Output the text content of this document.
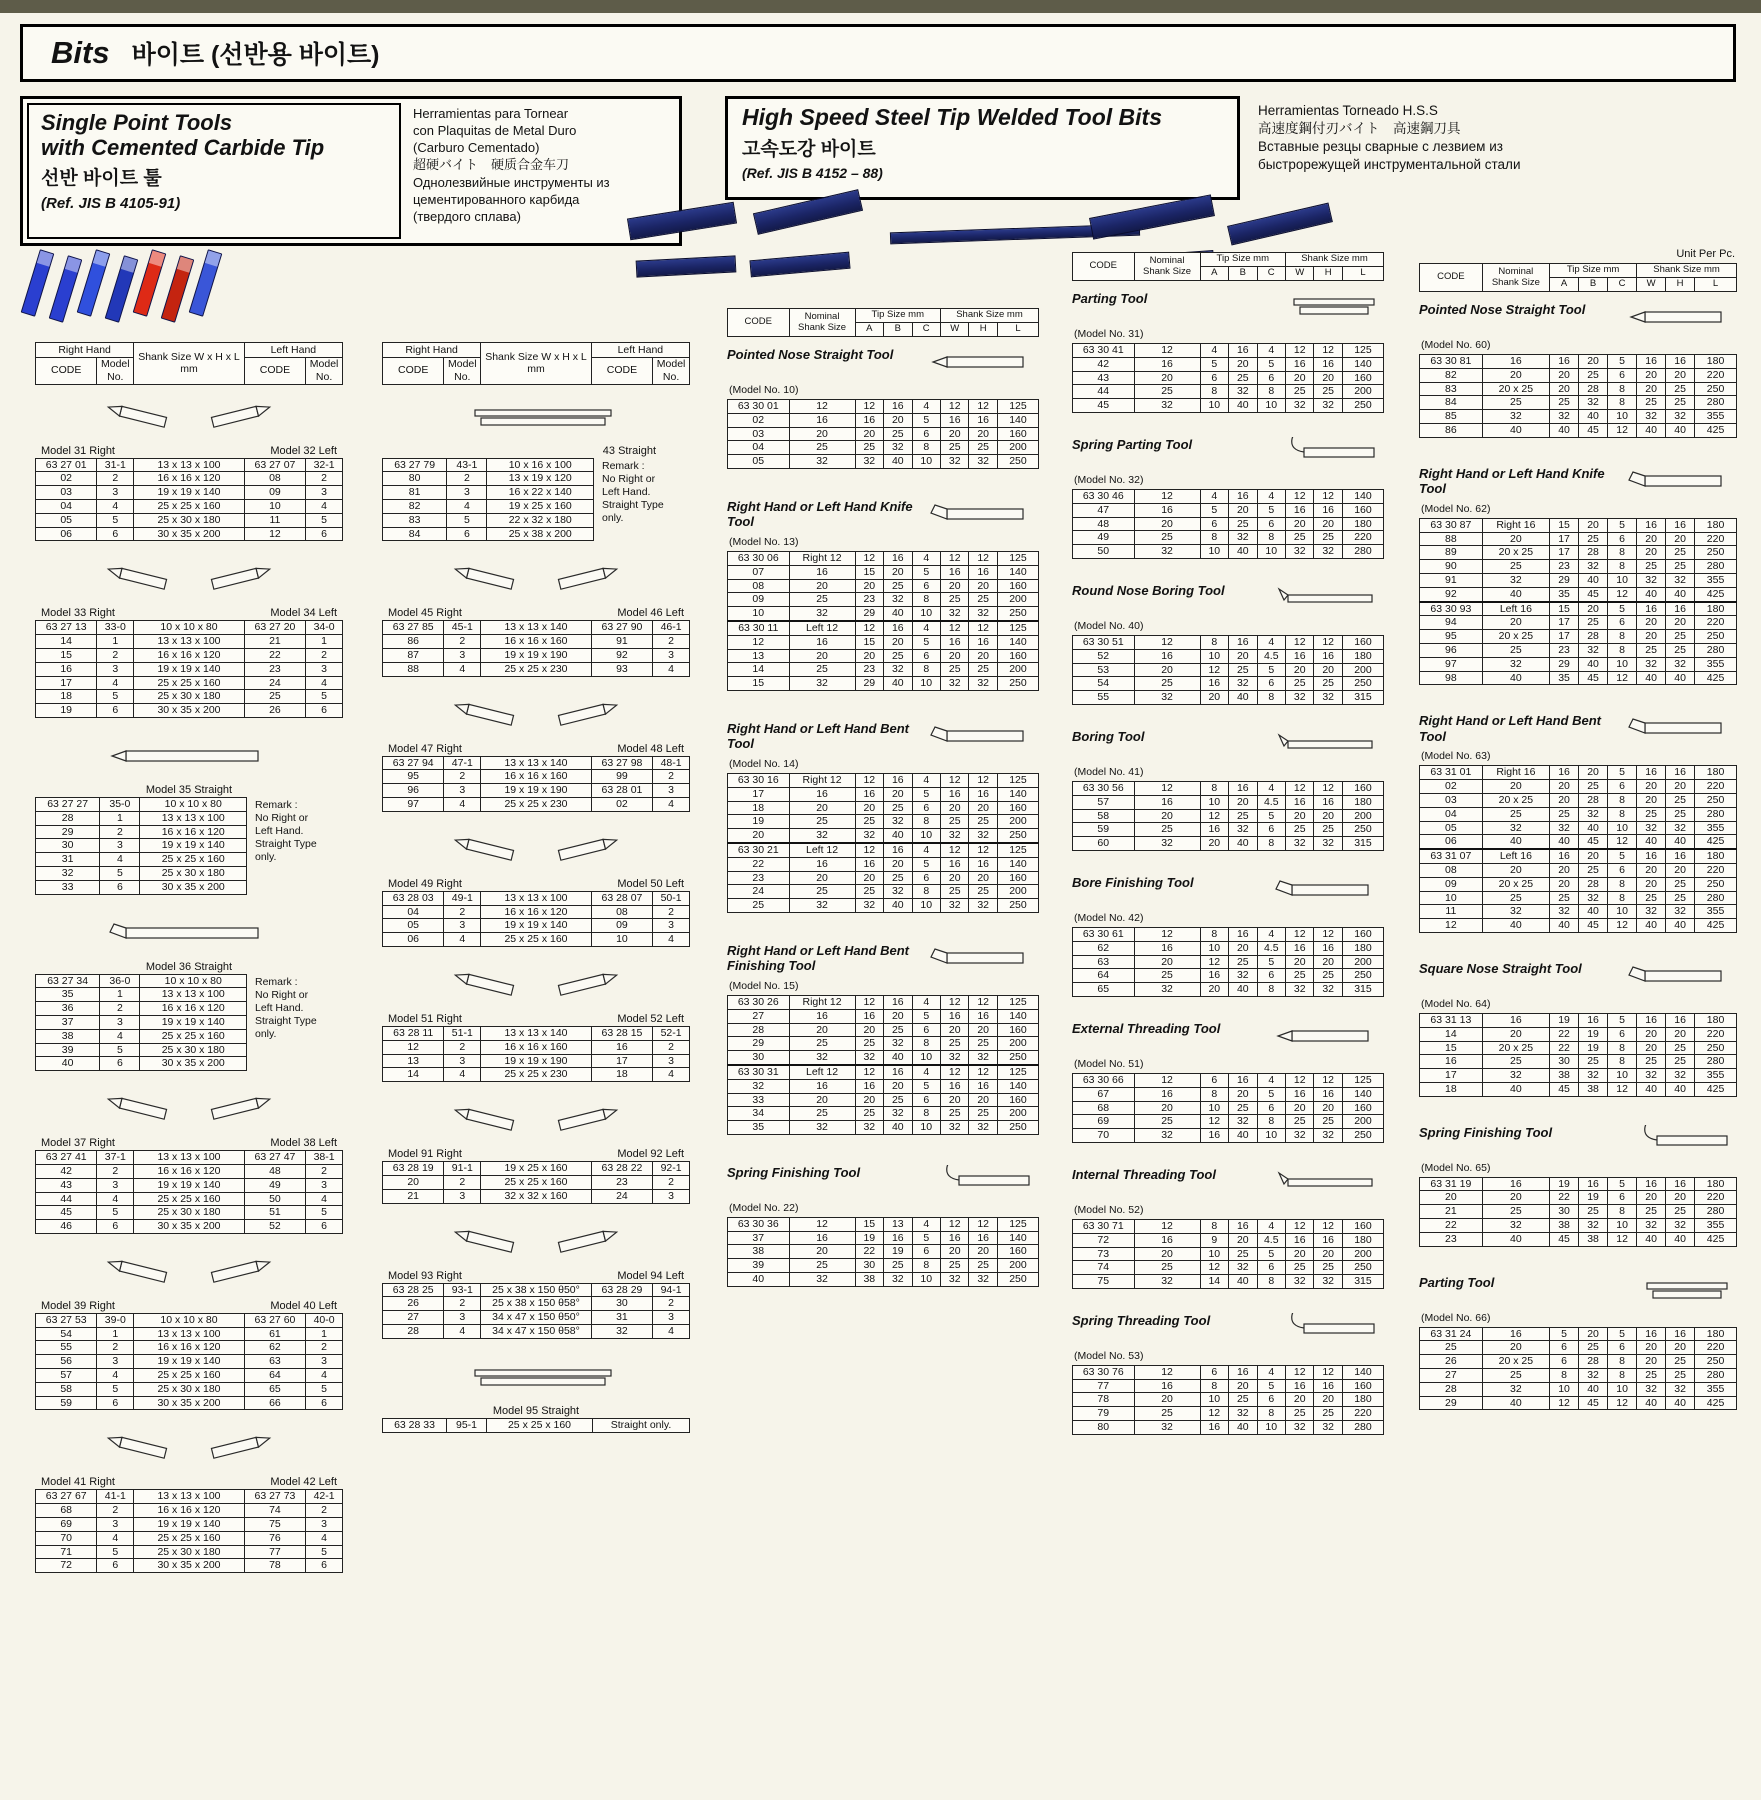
Bits 바이트 (선반용 바이트)
Single Point Tools
with Cemented Carbide Tip
선반 바이트 툴
(Ref. JIS B 4105-91)
Herramientas para Tornear
con Plaquitas de Metal Duro
(Carburo Cementado)
超硬バイト　硬质合金车刀
Однолезвийные инструменты из
цементированного карбида
(твердого сплава)
High Speed Steel Tip Welded Tool Bits
고속도강 바이트
(Ref. JIS B 4152 – 88)
Herramientas Torneado H.S.S
高速度鋼付刃バイト　高速鋼刀具
Вставные резцы сварные с лезвием из
быстрорежущей инструментальной стали
Right Hand		Shank Size W x H x L mm	Left Hand	
CODE	Model No.		CODE	Model No.
Model 31 Right	Model 32 Left
63 27 01	31-1	13 x 13 x 100	63 27 07	32-1
02	2	16 x 16 x 120	08	2
03	3	19 x 19 x 140	09	3
04	4	25 x 25 x 160	10	4
05	5	25 x 30 x 180	11	5
06	6	30 x 35 x 200	12	6
Model 33 Right	Model 34 Left
63 27 13	33-0	10 x 10 x 80	63 27 20	34-0
14	1	13 x 13 x 100	21	1
15	2	16 x 16 x 120	22	2
16	3	19 x 19 x 140	23	3
17	4	25 x 25 x 160	24	4
18	5	25 x 30 x 180	25	5
19	6	30 x 35 x 200	26	6
Model 35 Straight
63 27 27	35-0	10 x 10 x 80
28	1	13 x 13 x 100
29	2	16 x 16 x 120
30	3	19 x 19 x 140
31	4	25 x 25 x 160
32	5	25 x 30 x 180
33	6	30 x 35 x 200
Remark :
No Right or
Left Hand.
Straight Type
only.
Model 36 Straight
63 27 34	36-0	10 x 10 x 80
35	1	13 x 13 x 100
36	2	16 x 16 x 120
37	3	19 x 19 x 140
38	4	25 x 25 x 160
39	5	25 x 30 x 180
40	6	30 x 35 x 200
Remark :
No Right or
Left Hand.
Straight Type
only.
Model 37 Right	Model 38 Left
63 27 41	37-1	13 x 13 x 100	63 27 47	38-1
42	2	16 x 16 x 120	48	2
43	3	19 x 19 x 140	49	3
44	4	25 x 25 x 160	50	4
45	5	25 x 30 x 180	51	5
46	6	30 x 35 x 200	52	6
Model 39 Right	Model 40 Left
63 27 53	39-0	10 x 10 x 80	63 27 60	40-0
54	1	13 x 13 x 100	61	1
55	2	16 x 16 x 120	62	2
56	3	19 x 19 x 140	63	3
57	4	25 x 25 x 160	64	4
58	5	25 x 30 x 180	65	5
59	6	30 x 35 x 200	66	6
Model 41 Right	Model 42 Left
63 27 67	41-1	13 x 13 x 100	63 27 73	42-1
68	2	16 x 16 x 120	74	2
69	3	19 x 19 x 140	75	3
70	4	25 x 25 x 160	76	4
71	5	25 x 30 x 180	77	5
72	6	30 x 35 x 200	78	6
Right Hand		Shank Size W x H x L mm	Left Hand	
CODE	Model No.		CODE	Model No.
43 Straight
63 27 79	43-1	10 x 16 x 100
80	2	13 x 19 x 120
81	3	16 x 22 x 140
82	4	19 x 25 x 160
83	5	22 x 32 x 180
84	6	25 x 38 x 200
Remark :
No Right or
Left Hand.
Straight Type
only.
Model 45 Right	Model 46 Left
63 27 85	45-1	13 x 13 x 140	63 27 90	46-1
86	2	16 x 16 x 160	91	2
87	3	19 x 19 x 190	92	3
88	4	25 x 25 x 230	93	4
Model 47 Right	Model 48 Left
63 27 94	47-1	13 x 13 x 140	63 27 98	48-1
95	2	16 x 16 x 160	99	2
96	3	19 x 19 x 190	63 28 01	3
97	4	25 x 25 x 230	02	4
Model 49 Right	Model 50 Left
63 28 03	49-1	13 x 13 x 100	63 28 07	50-1
04	2	16 x 16 x 120	08	2
05	3	19 x 19 x 140	09	3
06	4	25 x 25 x 160	10	4
Model 51 Right	Model 52 Left
63 28 11	51-1	13 x 13 x 140	63 28 15	52-1
12	2	16 x 16 x 160	16	2
13	3	19 x 19 x 190	17	3
14	4	25 x 25 x 230	18	4
Model 91 Right	Model 92 Left
63 28 19	91-1	19 x 25 x 160	63 28 22	92-1
20	2	25 x 25 x 160	23	2
21	3	32 x 32 x 160	24	3
Model 93 Right	Model 94 Left
63 28 25	93-1	25 x 38 x 150 θ50°	63 28 29	94-1
26	2	25 x 38 x 150 θ58°	30	2
27	3	34 x 47 x 150 θ50°	31	3
28	4	34 x 47 x 150 θ58°	32	4
Model 95 Straight
63 28 33	95-1	25 x 25 x 160	Straight only.
CODE	Nominal Shank Size	Tip Size mm			Shank Size mm		
		A	B	C	W	H	L
Pointed Nose Straight Tool
(Model No. 10)
63 30 01	12	12	16	4	12	12	125
02	16	16	20	5	16	16	140
03	20	20	25	6	20	20	160
04	25	25	32	8	25	25	200
05	32	32	40	10	32	32	250
Right Hand or Left Hand Knife Tool
(Model No. 13)
63 30 06	Right 12	12	16	4	12	12	125
07	16	15	20	5	16	16	140
08	20	20	25	6	20	20	160
09	25	23	32	8	25	25	200
10	32	29	40	10	32	32	250
63 30 11	Left 12	12	16	4	12	12	125
12	16	15	20	5	16	16	140
13	20	20	25	6	20	20	160
14	25	23	32	8	25	25	200
15	32	29	40	10	32	32	250
Right Hand or Left Hand Bent Tool
(Model No. 14)
63 30 16	Right 12	12	16	4	12	12	125
17	16	16	20	5	16	16	140
18	20	20	25	6	20	20	160
19	25	25	32	8	25	25	200
20	32	32	40	10	32	32	250
63 30 21	Left 12	12	16	4	12	12	125
22	16	16	20	5	16	16	140
23	20	20	25	6	20	20	160
24	25	25	32	8	25	25	200
25	32	32	40	10	32	32	250
Right Hand or Left Hand Bent Finishing Tool
(Model No. 15)
63 30 26	Right 12	12	16	4	12	12	125
27	16	16	20	5	16	16	140
28	20	20	25	6	20	20	160
29	25	25	32	8	25	25	200
30	32	32	40	10	32	32	250
63 30 31	Left 12	12	16	4	12	12	125
32	16	16	20	5	16	16	140
33	20	20	25	6	20	20	160
34	25	25	32	8	25	25	200
35	32	32	40	10	32	32	250
Spring Finishing Tool
(Model No. 22)
63 30 36	12	15	13	4	12	12	125
37	16	19	16	5	16	16	140
38	20	22	19	6	20	20	160
39	25	30	25	8	25	25	200
40	32	38	32	10	32	32	250
CODE	Nominal Shank Size	Tip Size mm			Shank Size mm		
		A	B	C	W	H	L
Parting Tool
(Model No. 31)
63 30 41	12	4	16	4	12	12	125
42	16	5	20	5	16	16	140
43	20	6	25	6	20	20	160
44	25	8	32	8	25	25	200
45	32	10	40	10	32	32	250
Spring Parting Tool
(Model No. 32)
63 30 46	12	4	16	4	12	12	140
47	16	5	20	5	16	16	160
48	20	6	25	6	20	20	180
49	25	8	32	8	25	25	220
50	32	10	40	10	32	32	280
Round Nose Boring Tool
(Model No. 40)
63 30 51	12	8	16	4	12	12	160
52	16	10	20	4.5	16	16	180
53	20	12	25	5	20	20	200
54	25	16	32	6	25	25	250
55	32	20	40	8	32	32	315
Boring Tool
(Model No. 41)
63 30 56	12	8	16	4	12	12	160
57	16	10	20	4.5	16	16	180
58	20	12	25	5	20	20	200
59	25	16	32	6	25	25	250
60	32	20	40	8	32	32	315
Bore Finishing Tool
(Model No. 42)
63 30 61	12	8	16	4	12	12	160
62	16	10	20	4.5	16	16	180
63	20	12	25	5	20	20	200
64	25	16	32	6	25	25	250
65	32	20	40	8	32	32	315
External Threading Tool
(Model No. 51)
63 30 66	12	6	16	4	12	12	125
67	16	8	20	5	16	16	140
68	20	10	25	6	20	20	160
69	25	12	32	8	25	25	200
70	32	16	40	10	32	32	250
Internal Threading Tool
(Model No. 52)
63 30 71	12	8	16	4	12	12	160
72	16	9	20	4.5	16	16	180
73	20	10	25	5	20	20	200
74	25	12	32	6	25	25	250
75	32	14	40	8	32	32	315
Spring Threading Tool
(Model No. 53)
63 30 76	12	6	16	4	12	12	140
77	16	8	20	5	16	16	160
78	20	10	25	6	20	20	180
79	25	12	32	8	25	25	220
80	32	16	40	10	32	32	280
Unit Per Pc.
CODE	Nominal Shank Size	Tip Size mm			Shank Size mm		
		A	B	C	W	H	L
Pointed Nose Straight Tool
(Model No. 60)
63 30 81	16	16	20	5	16	16	180
82	20	20	25	6	20	20	220
83	20 x 25	20	28	8	20	25	250
84	25	25	32	8	25	25	280
85	32	32	40	10	32	32	355
86	40	40	45	12	40	40	425
Right Hand or Left Hand Knife Tool
(Model No. 62)
63 30 87	Right 16	15	20	5	16	16	180
88	20	17	25	6	20	20	220
89	20 x 25	17	28	8	20	25	250
90	25	23	32	8	25	25	280
91	32	29	40	10	32	32	355
92	40	35	45	12	40	40	425
63 30 93	Left 16	15	20	5	16	16	180
94	20	17	25	6	20	20	220
95	20 x 25	17	28	8	20	25	250
96	25	23	32	8	25	25	280
97	32	29	40	10	32	32	355
98	40	35	45	12	40	40	425
Right Hand or Left Hand Bent Tool
(Model No. 63)
63 31 01	Right 16	16	20	5	16	16	180
02	20	20	25	6	20	20	220
03	20 x 25	20	28	8	20	25	250
04	25	25	32	8	25	25	280
05	32	32	40	10	32	32	355
06	40	40	45	12	40	40	425
63 31 07	Left 16	16	20	5	16	16	180
08	20	20	25	6	20	20	220
09	20 x 25	20	28	8	20	25	250
10	25	25	32	8	25	25	280
11	32	32	40	10	32	32	355
12	40	40	45	12	40	40	425
Square Nose Straight Tool
(Model No. 64)
63 31 13	16	19	16	5	16	16	180
14	20	22	19	6	20	20	220
15	20 x 25	22	19	8	20	25	250
16	25	30	25	8	25	25	280
17	32	38	32	10	32	32	355
18	40	45	38	12	40	40	425
Spring Finishing Tool
(Model No. 65)
63 31 19	16	19	16	5	16	16	180
20	20	22	19	6	20	20	220
21	25	30	25	8	25	25	280
22	32	38	32	10	32	32	355
23	40	45	38	12	40	40	425
Parting Tool
(Model No. 66)
63 31 24	16	5	20	5	16	16	180
25	20	6	25	6	20	20	220
26	20 x 25	6	28	8	20	25	250
27	25	8	32	8	25	25	280
28	32	10	40	10	32	32	355
29	40	12	45	12	40	40	425
